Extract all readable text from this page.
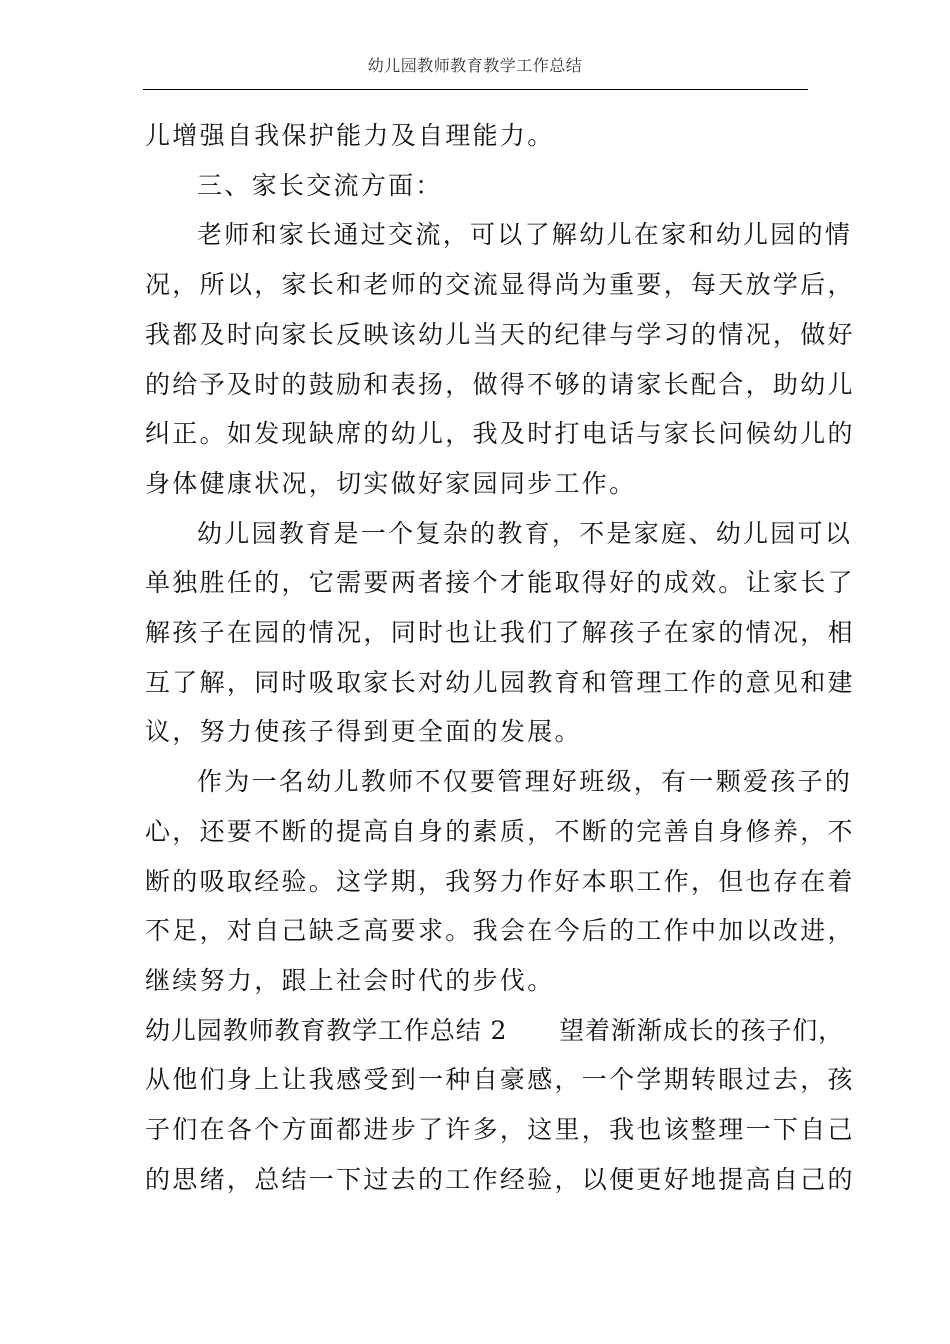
幼儿园教师教育教学工作总结
儿增强自我保护能力及自理能力。
三、家长交流方面：
老师和家长通过交流，可以了解幼儿在家和幼儿园的情
况，所以，家长和老师的交流显得尚为重要，每天放学后，
我都及时向家长反映该幼儿当天的纪律与学习的情况，做好
的给予及时的鼓励和表扬，做得不够的请家长配合，助幼儿
纠正。如发现缺席的幼儿，我及时打电话与家长问候幼儿的
身体健康状况，切实做好家园同步工作。
幼儿园教育是一个复杂的教育，不是家庭、幼儿园可以
单独胜任的，它需要两者接个才能取得好的成效。让家长了
解孩子在园的情况，同时也让我们了解孩子在家的情况，相
互了解，同时吸取家长对幼儿园教育和管理工作的意见和建
议，努力使孩子得到更全面的发展。
作为一名幼儿教师不仅要管理好班级，有一颗爱孩子的
心，还要不断的提高自身的素质，不断的完善自身修养，不
断的吸取经验。这学期，我努力作好本职工作，但也存在着
不足，对自己缺乏高要求。我会在今后的工作中加以改进，
继续努力，跟上社会时代的步伐。
幼儿园教师教育教学工作总结 2　　望着渐渐成长的孩子们，
从他们身上让我感受到一种自豪感，一个学期转眼过去，孩
子们在各个方面都进步了许多，这里，我也该整理一下自己
的思绪，总结一下过去的工作经验，以便更好地提高自己的
